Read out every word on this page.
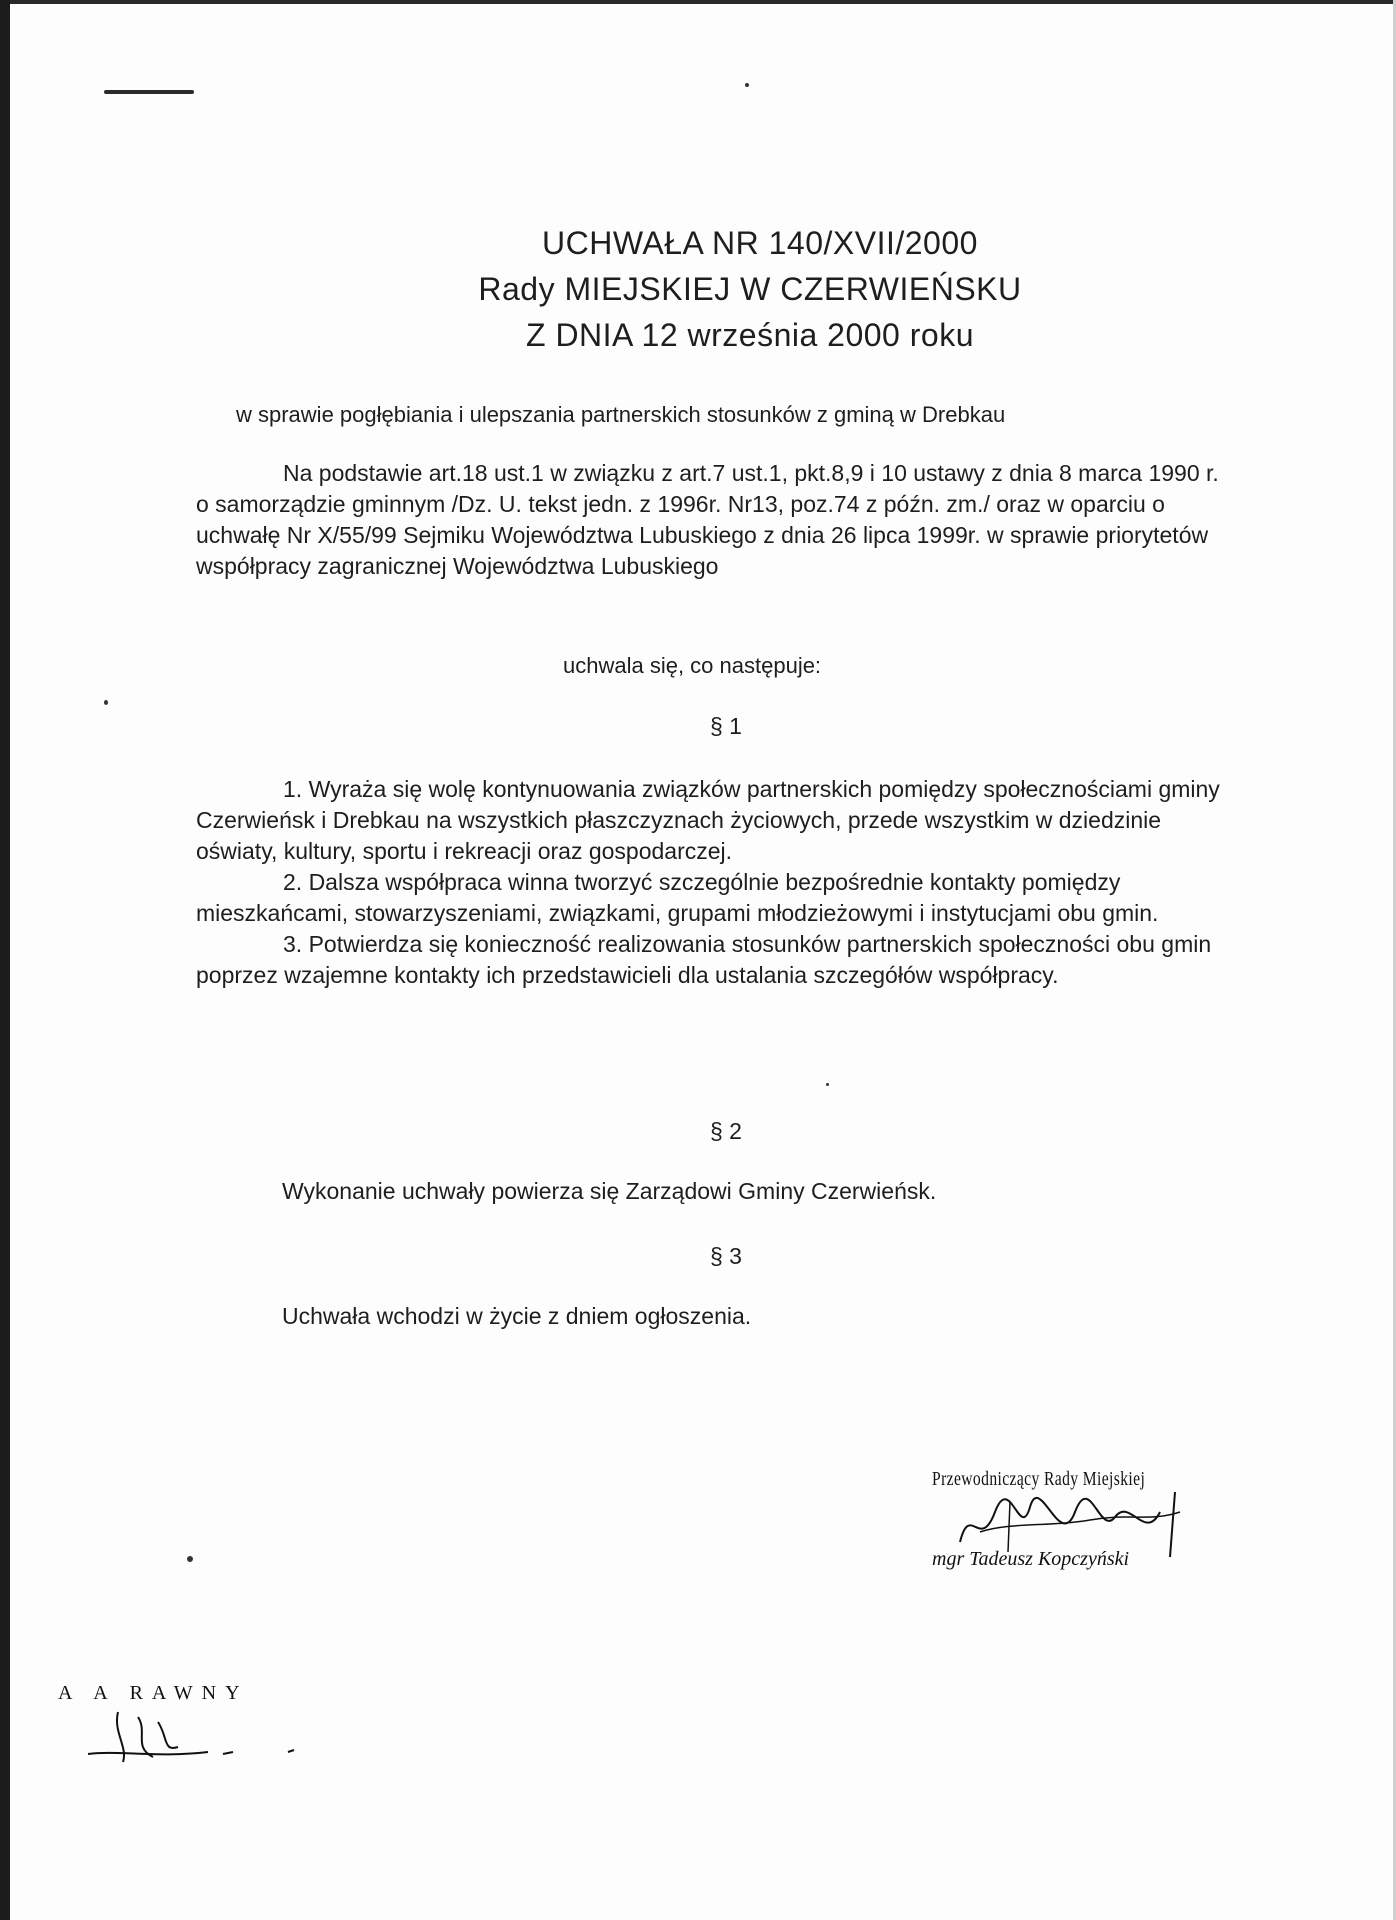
UCHWAŁA NR 140/XVII/2000
Rady MIEJSKIEJ W CZERWIEŃSKU
Z DNIA 12 września 2000 roku
w sprawie pogłębiania i ulepszania partnerskich stosunków z gminą w Drebkau
Na podstawie art.18 ust.1 w związku z art.7 ust.1, pkt.8,9 i 10 ustawy z dnia 8 marca 1990 r. o samorządzie gminnym /Dz. U. tekst jedn. z 1996r. Nr13, poz.74 z późn. zm./ oraz w oparciu o uchwałę Nr X/55/99 Sejmiku Województwa Lubuskiego z dnia 26 lipca 1999r. w sprawie priorytetów współpracy zagranicznej Województwa Lubuskiego
uchwala się, co następuje:
§ 1

1. Wyraża się wolę kontynuowania związków partnerskich pomiędzy społecznościami gminy Czerwieńsk i Drebkau na wszystkich płaszczyznach życiowych, przede wszystkim w dziedzinie oświaty, kultury, sportu i rekreacji oraz gospodarczej.

2. Dalsza współpraca winna tworzyć szczególnie bezpośrednie kontakty pomiędzy mieszkańcami, stowarzyszeniami, związkami, grupami młodzieżowymi i instytucjami obu gmin.

3. Potwierdza się konieczność realizowania stosunków partnerskich społeczności obu gmin poprzez wzajemne kontakty ich przedstawicieli dla ustalania szczegółów współpracy.

§ 2
Wykonanie uchwały powierza się Zarządowi Gminy Czerwieńsk.
§ 3
Uchwała wchodzi w życie z dniem ogłoszenia.
Przewodniczący Rady Miejskiej
mgr Tadeusz Kopczyński
A A RAWNY
